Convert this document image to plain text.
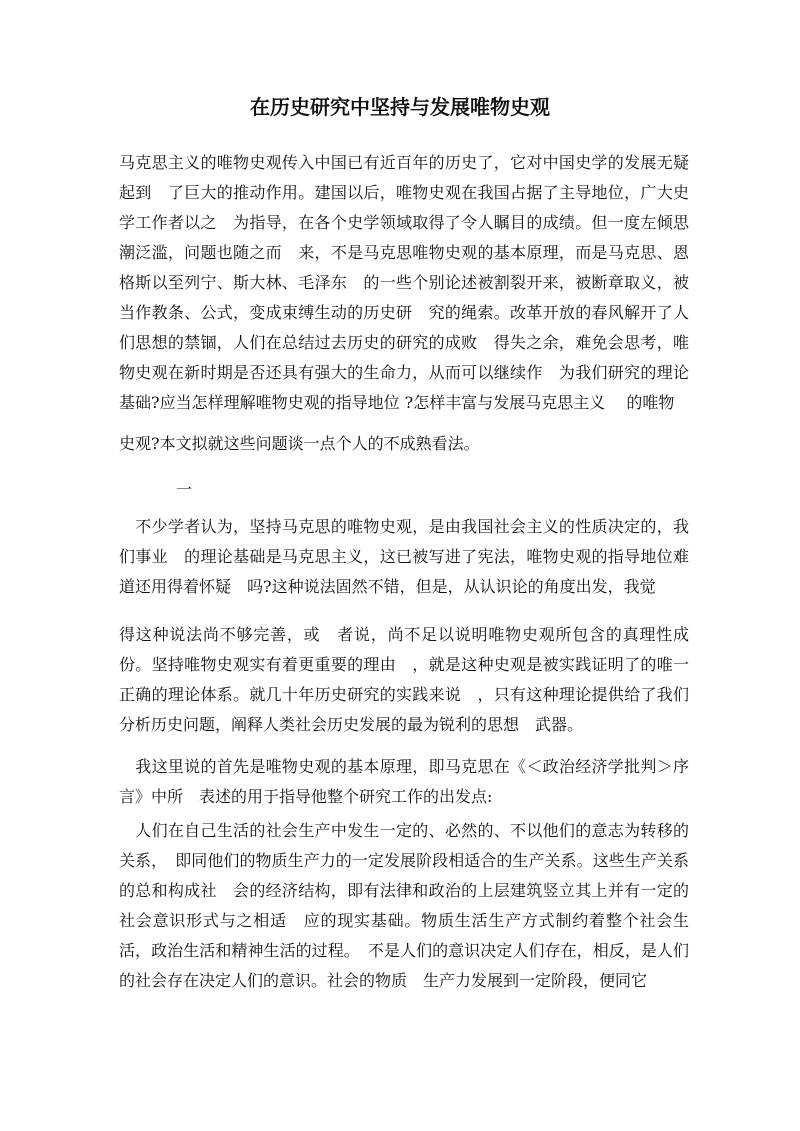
在历史研究中坚持与发展唯物史观
马克思主义的唯物史观传入中国已有近百年的历史了，它对中国史学的发展无疑起到　了巨大的推动作用。建国以后，唯物史观在我国占据了主导地位，广大史学工作者以之　为指导，在各个史学领域取得了令人瞩目的成绩。但一度左倾思潮泛滥，问题也随之而　来，不是马克思唯物史观的基本原理，而是马克思、恩格斯以至列宁、斯大林、毛泽东　的一些个别论述被割裂开来，被断章取义，被当作教条、公式，变成束缚生动的历史研　究的绳索。改革开放的春风解开了人们思想的禁锢，人们在总结过去历史的研究的成败　得失之余，难免会思考，唯物史观在新时期是否还具有强大的生命力，从而可以继续作　为我们研究的理论基础?应当怎样理解唯物史观的指导地位 ?怎样丰富与发展马克思主义　 的唯物
史观?本文拟就这些问题谈一点个人的不成熟看法。
一
　不少学者认为，坚持马克思的唯物史观，是由我国社会主义的性质决定的，我们事业　的理论基础是马克思主义，这已被写进了宪法，唯物史观的指导地位难道还用得着怀疑　吗?这种说法固然不错，但是，从认识论的角度出发，我觉
得这种说法尚不够完善，或　者说，尚不足以说明唯物史观所包含的真理性成份。坚持唯物史观实有着更重要的理由　，就是这种史观是被实践证明了的唯一正确的理论体系。就几十年历史研究的实践来说　，只有这种理论提供给了我们分析历史问题，阐释人类社会历史发展的最为锐利的思想　武器。
　我这里说的首先是唯物史观的基本原理，即马克思在《＜政治经济学批判＞序言》中所　表述的用于指导他整个研究工作的出发点:
　人们在自己生活的社会生产中发生一定的、必然的、不以他们的意志为转移的关系，　即同他们的物质生产力的一定发展阶段相适合的生产关系。这些生产关系的总和构成社　会的经济结构，即有法律和政治的上层建筑竖立其上并有一定的社会意识形式与之相适　应的现实基础。物质生活生产方式制约着整个社会生活，政治生活和精神生活的过程。　不是人们的意识决定人们存在，相反，是人们的社会存在决定人们的意识。社会的物质　生产力发展到一定阶段，便同它
